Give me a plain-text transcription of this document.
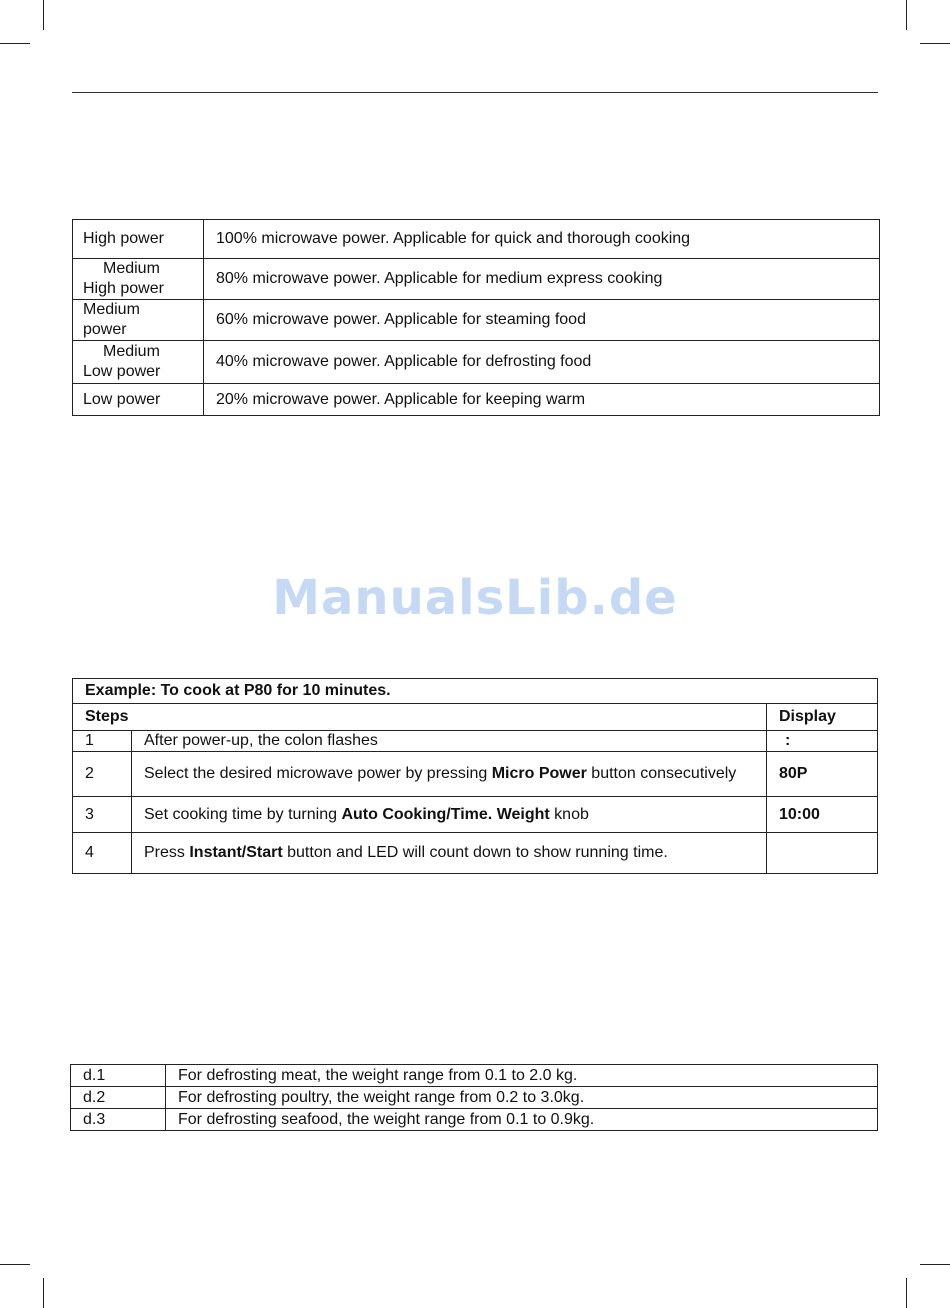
High power	100% microwave power. Applicable for quick and thorough cooking

Medium
High power	80% microwave power. Applicable for medium express cooking

Medium
power	60% microwave power. Applicable for steaming food

Medium
Low power	40% microwave power. Applicable for defrosting food

Low power	20% microwave power. Applicable for keeping warm
ManualsLib.de
Example: To cook at P80 for 10 minutes.		
Steps		Display
1	After power-up, the colon flashes	:
2	Select the desired microwave power by pressing Micro Power button consecutively	80P
3	Set cooking time by turning Auto Cooking/Time. Weight knob	10:00
4	Press Instant/Start button and LED will count down to show running time.	
d.1	For defrosting meat, the weight range from 0.1 to 2.0 kg.
d.2	For defrosting poultry, the weight range from 0.2 to 3.0kg.
d.3	For defrosting seafood, the weight range from 0.1 to 0.9kg.
